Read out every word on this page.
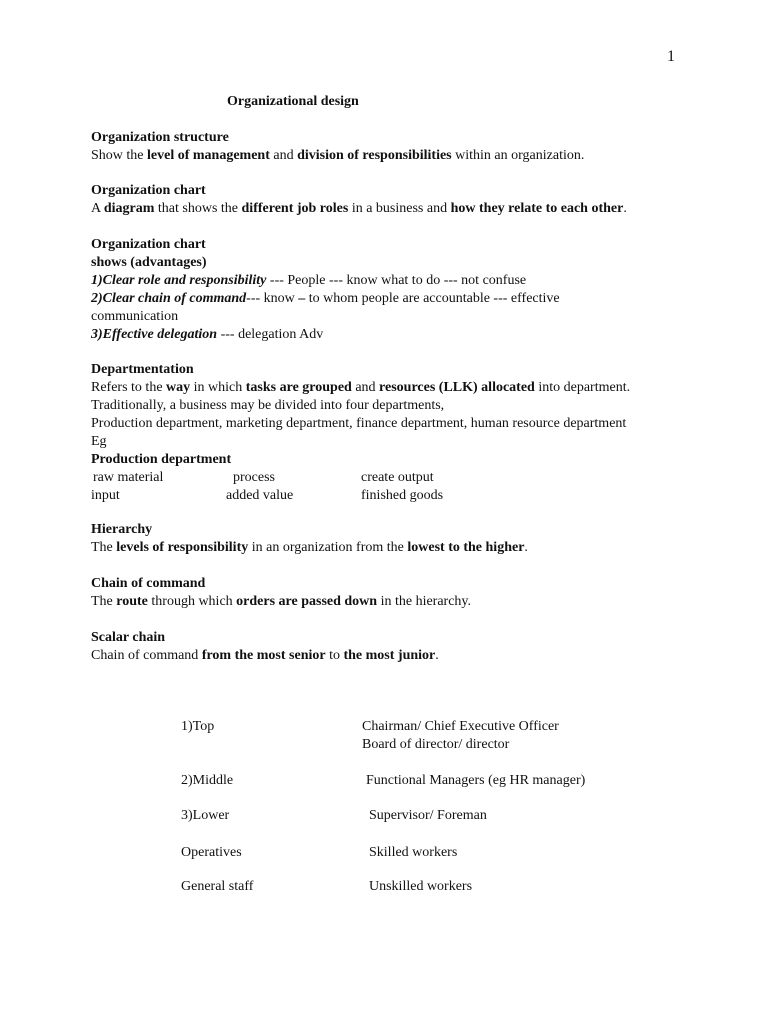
1
Organizational design
Organization structure
Show the level of management and division of responsibilities within an organization.
Organization chart
A diagram that shows the different job roles in a business and how they relate to each other.
Organization chart
shows (advantages)
1)Clear role and responsibility --- People --- know what to do --- not confuse
2)Clear chain of command--- know – to whom people are accountable --- effective
communication
3)Effective delegation --- delegation Adv
Departmentation
Refers to the way in which tasks are grouped and resources (LLK) allocated into department.
Traditionally, a business may be divided into four departments,
Production department, marketing department, finance department, human resource department
Eg
Production department
raw material	process	create output
input	added value	finished goods
Hierarchy
The levels of responsibility in an organization from the lowest to the higher.
Chain of command
The route through which orders are passed down in the hierarchy.
Scalar chain
Chain of command from the most senior to the most junior.
1)Top	Chairman/ Chief Executive Officer
Board of director/ director
2)Middle	Functional Managers (eg HR manager)
3)Lower	Supervisor/ Foreman
Operatives	Skilled workers
General staff	Unskilled workers
